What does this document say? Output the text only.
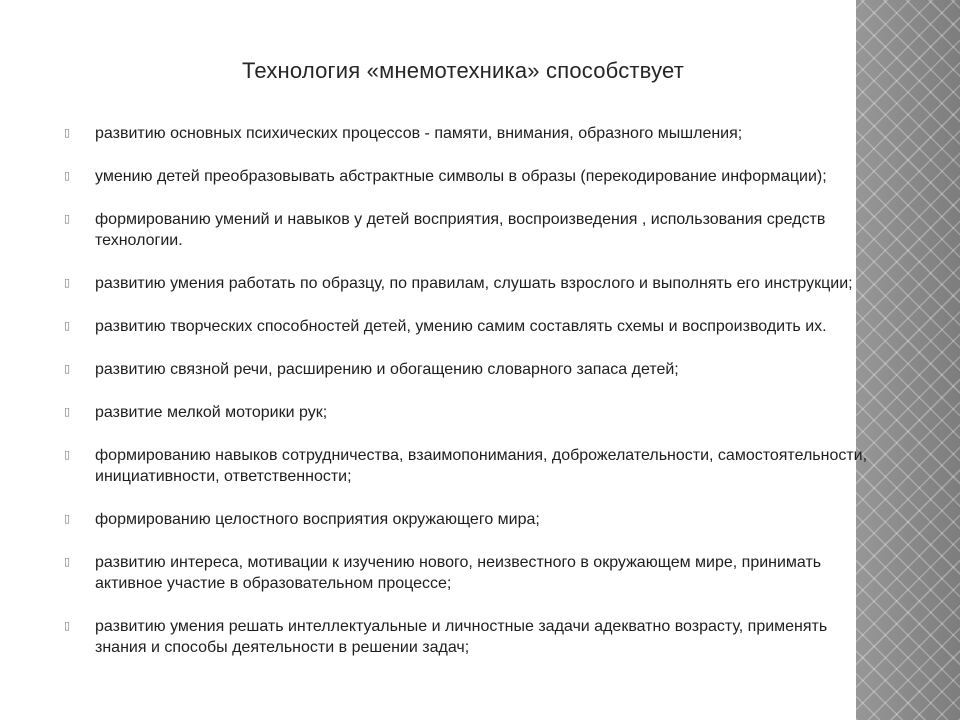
Технология «мнемотехника» способствует
▯ развитию основных психических процессов - памяти, внимания, образного мышления;
▯ умению детей преобразовывать абстрактные символы в образы (перекодирование информации);
▯ формированию умений и навыков у детей восприятия, воспроизведения , использования средств технологии.
▯ развитию умения работать по образцу, по правилам, слушать взрослого и выполнять его инструкции;
▯ развитию творческих способностей детей, умению самим составлять схемы и воспроизводить их.
▯ развитию связной речи, расширению и обогащению словарного запаса детей;
▯ развитие мелкой моторики рук;
▯ формированию навыков сотрудничества, взаимопонимания, доброжелательности, самостоятельности, инициативности, ответственности;
▯ формированию целостного восприятия окружающего мира;
▯ развитию интереса, мотивации к изучению нового, неизвестного в окружающем мире, принимать активное участие в образовательном процессе;
▯ развитию умения решать интеллектуальные и личностные задачи адекватно возрасту, применять знания и способы деятельности в решении задач;
